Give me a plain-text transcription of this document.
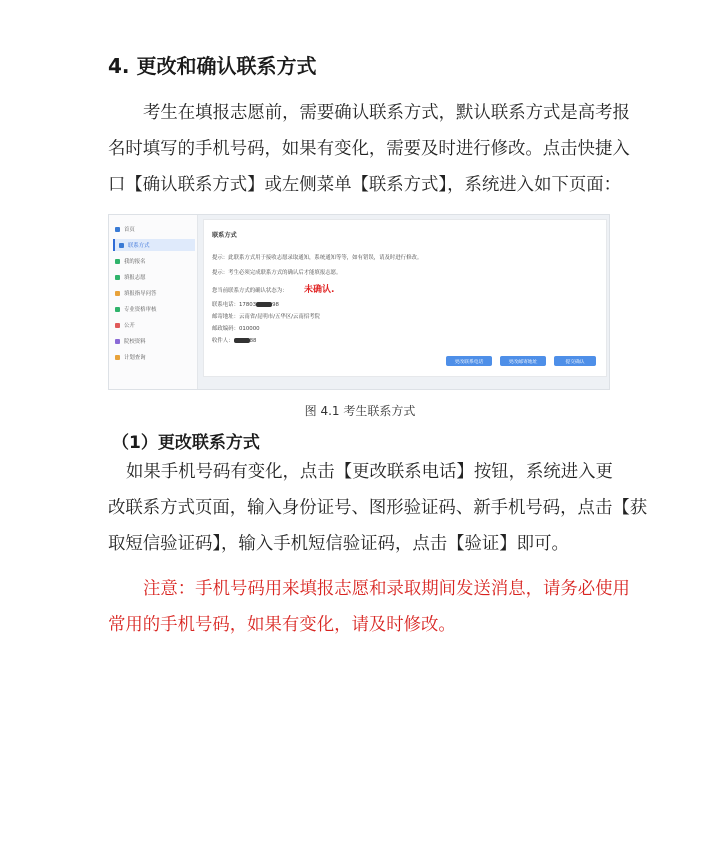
4. 更改和确认联系方式
考生在填报志愿前，需要确认联系方式，默认联系方式是高考报
名时填写的手机号码，如果有变化，需要及时进行修改。点击快捷入
口【确认联系方式】或左侧菜单【联系方式】，系统进入如下页面：
首页
联系方式
我的报名
填报志愿
填报指导问答
专业资格审核
公开
院校资料
计划查询
联系方式
提示：此联系方式用于接收志愿录取通知，系统通知等等，如有错误，请及时进行修改。
提示：考生必须完成联系方式的确认后才能填报志愿。
您当前联系方式的确认状态为： 未确认.
联系电话：17803	98
邮寄地址：云南省/昆明市/五华区/云南招考院
邮政编码：010000
收件人：	88
更改联系电话	更改邮寄地址	提交确认
图 4.1 考生联系方式
（1）更改联系方式
如果手机号码有变化，点击【更改联系电话】按钮，系统进入更
改联系方式页面，输入身份证号、图形验证码、新手机号码，点击【获
取短信验证码】，输入手机短信验证码，点击【验证】即可。
注意：手机号码用来填报志愿和录取期间发送消息，请务必使用
常用的手机号码，如果有变化，请及时修改。
